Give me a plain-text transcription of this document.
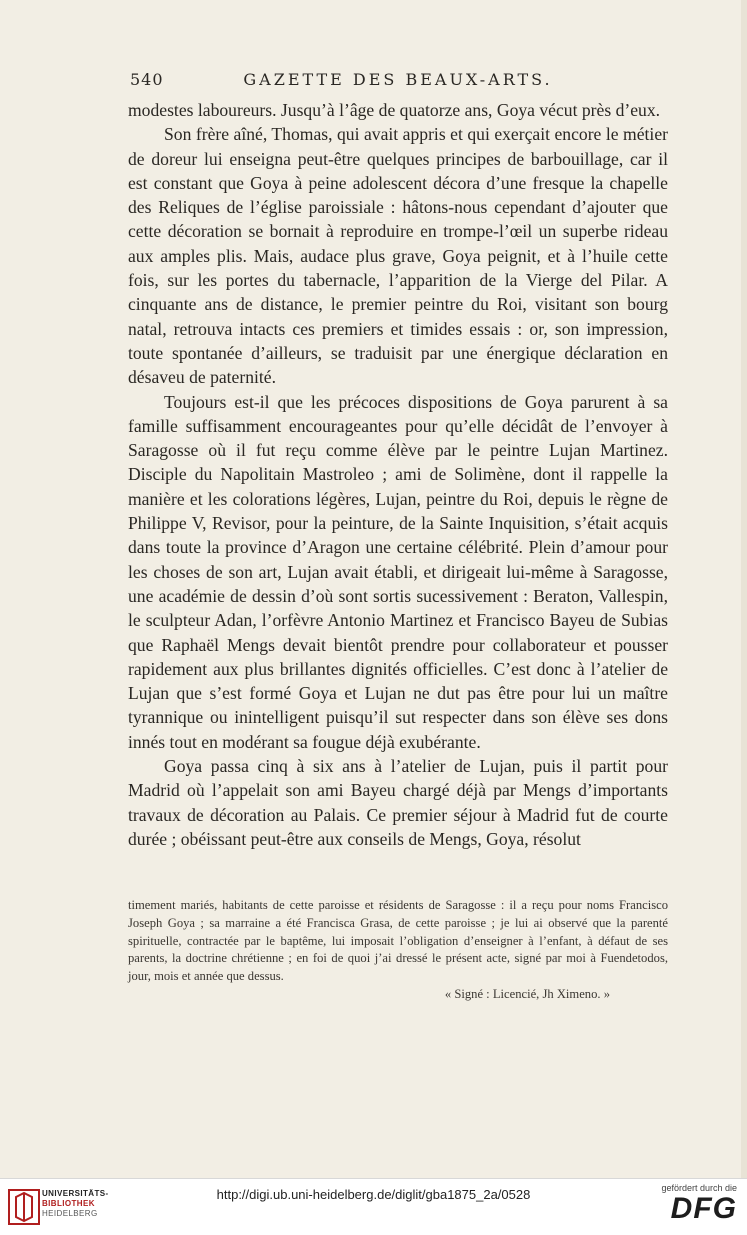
540	GAZETTE DES BEAUX-ARTS.

modestes laboureurs. Jusqu’à l’âge de quatorze ans, Goya vécut près d’eux.

Son frère aîné, Thomas, qui avait appris et qui exerçait encore le métier de doreur lui enseigna peut-être quelques principes de barbouillage, car il est constant que Goya à peine adolescent décora d’une fresque la chapelle des Reliques de l’église paroissiale : hâtons-nous cependant d’ajouter que cette décoration se bornait à reproduire en trompe-l’œil un superbe rideau aux amples plis. Mais, audace plus grave, Goya peignit, et à l’huile cette fois, sur les portes du tabernacle, l’apparition de la Vierge del Pilar. A cinquante ans de distance, le premier peintre du Roi, visitant son bourg natal, retrouva intacts ces premiers et timides essais : or, son impression, toute spontanée d’ailleurs, se traduisit par une énergique déclaration en désaveu de paternité.

Toujours est-il que les précoces dispositions de Goya parurent à sa famille suffisamment encourageantes pour qu’elle décidât de l’envoyer à Saragosse où il fut reçu comme élève par le peintre Lujan Martinez. Disciple du Napolitain Mastroleo ; ami de Solimène, dont il rappelle la manière et les colorations légères, Lujan, peintre du Roi, depuis le règne de Philippe V, Revisor, pour la peinture, de la Sainte Inquisition, s’était acquis dans toute la province d’Aragon une certaine célébrité. Plein d’amour pour les choses de son art, Lujan avait établi, et dirigeait lui-même à Saragosse, une académie de dessin d’où sont sortis sucessivement : Beraton, Vallespin, le sculpteur Adan, l’orfèvre Antonio Martinez et Francisco Bayeu de Subias que Raphaël Mengs devait bientôt prendre pour collaborateur et pousser rapidement aux plus brillantes dignités officielles. C’est donc à l’atelier de Lujan que s’est formé Goya et Lujan ne dut pas être pour lui un maître tyrannique ou inintelligent puisqu’il sut respecter dans son élève ses dons innés tout en modérant sa fougue déjà exubérante.

Goya passa cinq à six ans à l’atelier de Lujan, puis il partit pour Madrid où l’appelait son ami Bayeu chargé déjà par Mengs d’importants travaux de décoration au Palais. Ce premier séjour à Madrid fut de courte durée ; obéissant peut-être aux conseils de Mengs, Goya, résolut

timement mariés, habitants de cette paroisse et résidents de Saragosse : il a reçu pour noms Francisco Joseph Goya ; sa marraine a été Francisca Grasa, de cette paroisse ; je lui ai observé que la parenté spirituelle, contractée par le baptême, lui imposait l’obligation d’enseigner à l’enfant, à défaut de ses parents, la doctrine chrétienne ; en foi de quoi j’ai dressé le présent acte, signé par moi à Fuendetodos, jour, mois et année que dessus.

« Signé : Licencié, Jh Ximeno. »

UNIVERSITÄTS-
BIBLIOTHEK
HEIDELBERG
http://digi.ub.uni-heidelberg.de/diglit/gba1875_2a/0528	gefördert durch die
DFG
